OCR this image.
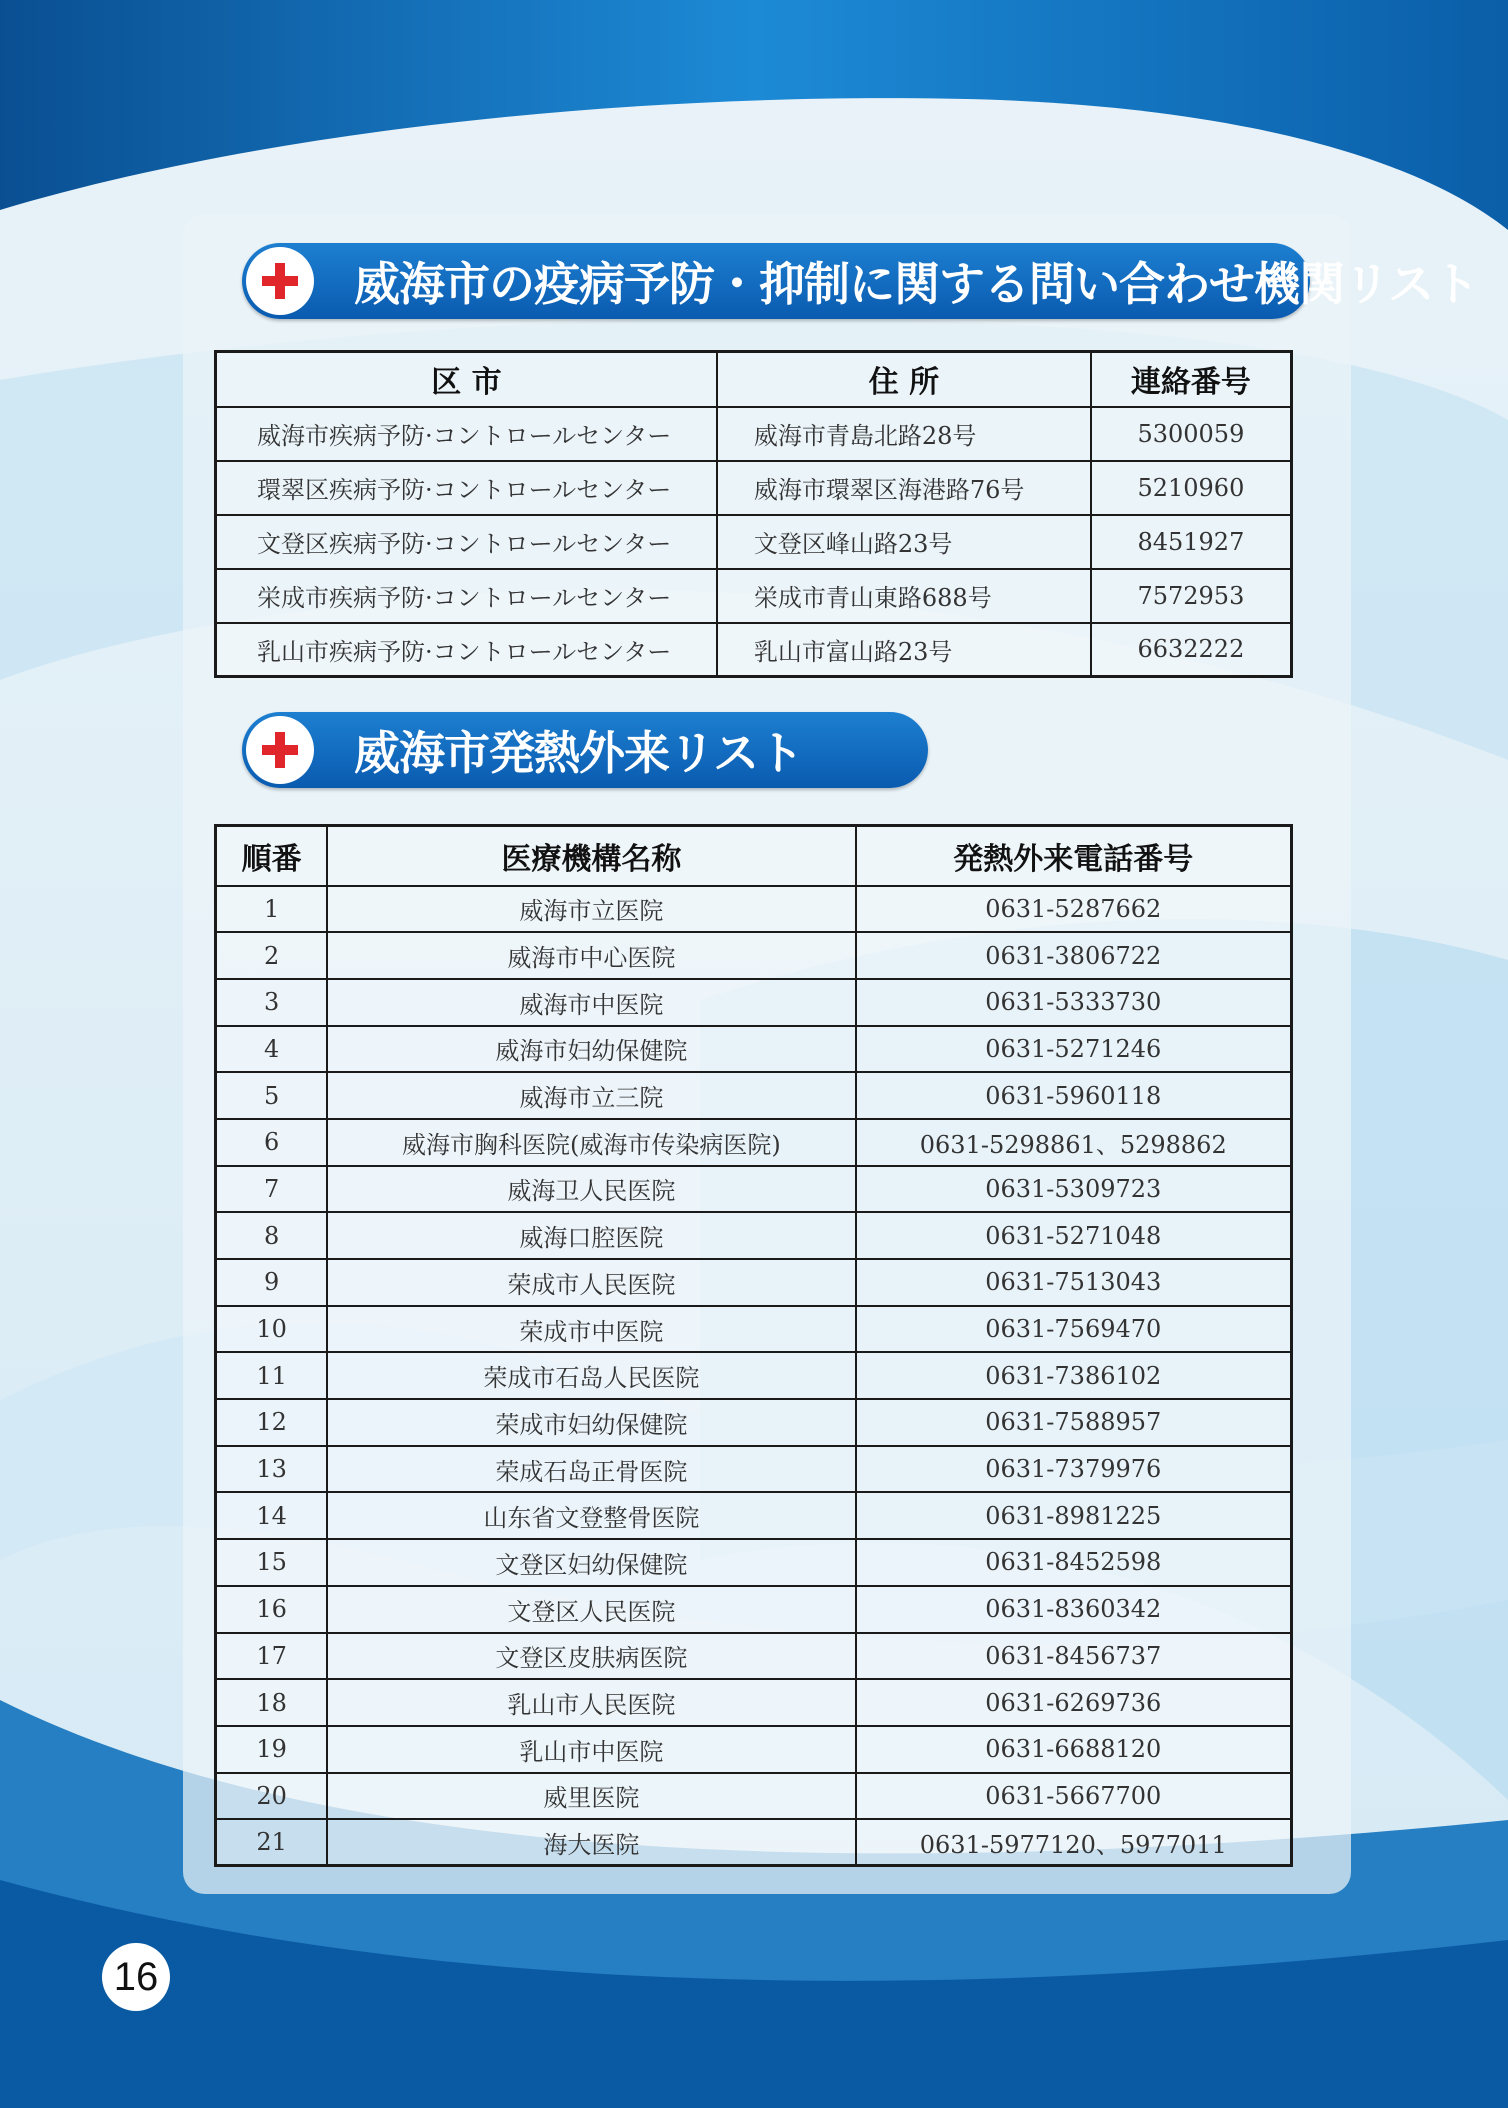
威海市の疫病予防・抑制に関する問い合わせ機関リスト
区 市	住 所	連絡番号
威海市疾病予防·コントロールセンター	威海市青島北路28号	5300059
環翠区疾病予防·コントロールセンター	威海市環翠区海港路76号	5210960
文登区疾病予防·コントロールセンター	文登区峰山路23号	8451927
栄成市疾病予防·コントロールセンター	栄成市青山東路688号	7572953
乳山市疾病予防·コントロールセンター	乳山市富山路23号	6632222
威海市発熱外来リスト
順番	医療機構名称	発熱外来電話番号
1	威海市立医院	0631-5287662
2	威海市中心医院	0631-3806722
3	威海市中医院	0631-5333730
4	威海市妇幼保健院	0631-5271246
5	威海市立三院	0631-5960118
6	威海市胸科医院(威海市传染病医院)	0631-5298861、5298862
7	威海卫人民医院	0631-5309723
8	威海口腔医院	0631-5271048
9	荣成市人民医院	0631-7513043
10	荣成市中医院	0631-7569470
11	荣成市石岛人民医院	0631-7386102
12	荣成市妇幼保健院	0631-7588957
13	荣成石岛正骨医院	0631-7379976
14	山东省文登整骨医院	0631-8981225
15	文登区妇幼保健院	0631-8452598
16	文登区人民医院	0631-8360342
17	文登区皮肤病医院	0631-8456737
18	乳山市人民医院	0631-6269736
19	乳山市中医院	0631-6688120
20	威里医院	0631-5667700
21	海大医院	0631-5977120、5977011
16
